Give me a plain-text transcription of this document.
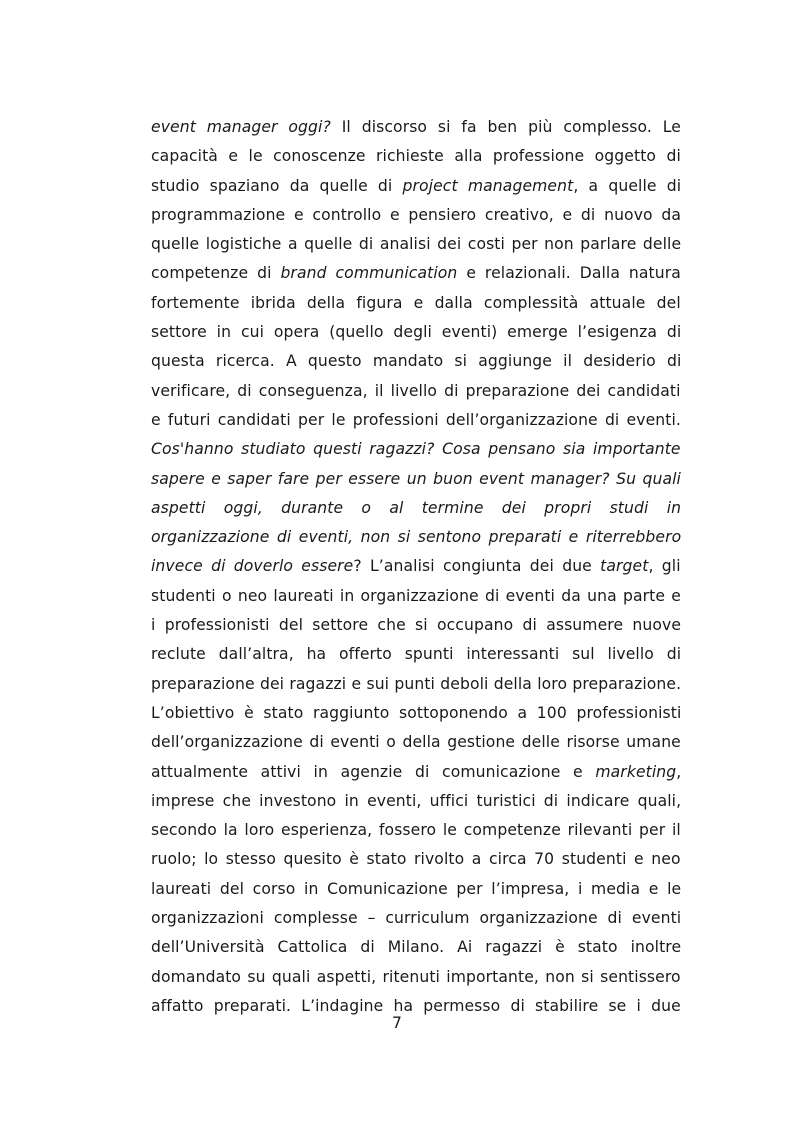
event manager oggi? Il discorso si fa ben più complesso. Le
capacità e le conoscenze richieste alla professione oggetto di
studio spaziano da quelle di project management, a quelle di
programmazione e controllo e pensiero creativo, e di nuovo da
quelle logistiche a quelle di analisi dei costi per non parlare delle
competenze di brand communication e relazionali. Dalla natura
fortemente ibrida della figura e dalla complessità attuale del
settore in cui opera (quello degli eventi) emerge l’esigenza di
questa ricerca. A questo mandato si aggiunge il desiderio di
verificare, di conseguenza, il livello di preparazione dei candidati
e futuri candidati per le professioni dell’organizzazione di eventi.
Cos'hanno studiato questi ragazzi? Cosa pensano sia importante
sapere e saper fare per essere un buon event manager? Su quali
aspetti oggi, durante o al termine dei propri studi in
organizzazione di eventi, non si sentono preparati e riterrebbero
invece di doverlo essere? L’analisi congiunta dei due target, gli
studenti o neo laureati in organizzazione di eventi da una parte e
i professionisti del settore che si occupano di assumere nuove
reclute dall’altra, ha offerto spunti interessanti sul livello di
preparazione dei ragazzi e sui punti deboli della loro preparazione.
L’obiettivo è stato raggiunto sottoponendo a 100 professionisti
dell’organizzazione di eventi o della gestione delle risorse umane
attualmente attivi in agenzie di comunicazione e marketing,
imprese che investono in eventi, uffici turistici di indicare quali,
secondo la loro esperienza, fossero le competenze rilevanti per il
ruolo; lo stesso quesito è stato rivolto a circa 70 studenti e neo
laureati del corso in Comunicazione per l’impresa, i media e le
organizzazioni complesse – curriculum organizzazione di eventi
dell’Università Cattolica di Milano. Ai ragazzi è stato inoltre
domandato su quali aspetti, ritenuti importante, non si sentissero
affatto preparati. L’indagine ha permesso di stabilire se i due
7
